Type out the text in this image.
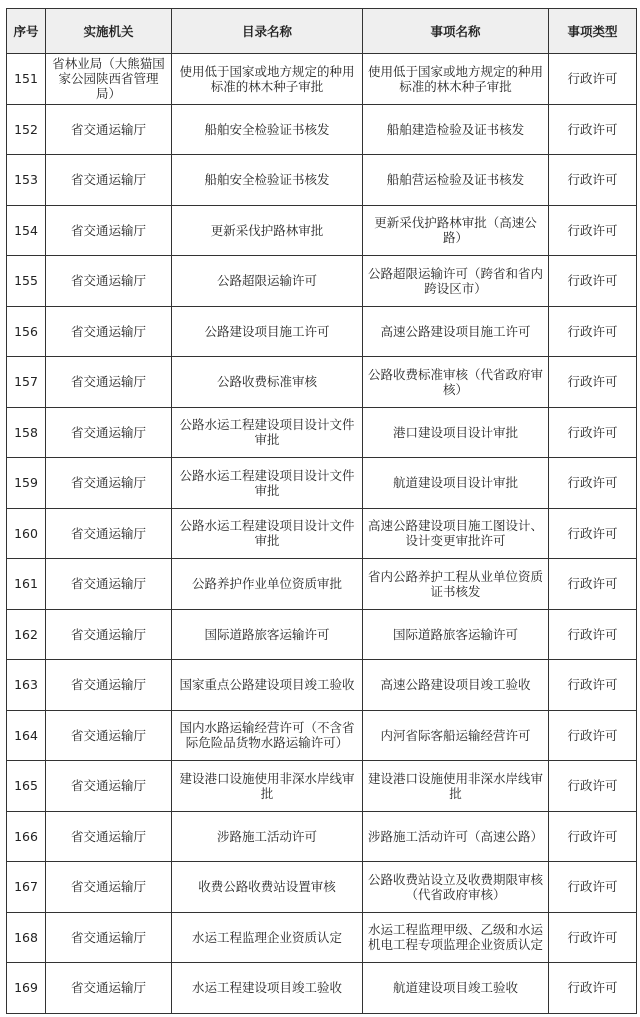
序号	实施机关	目录名称	事项名称	事项类型
151	省林业局（大熊猫国家公园陕西省管理局）	使用低于国家或地方规定的种用标准的林木种子审批	使用低于国家或地方规定的种用标准的林木种子审批	行政许可
152	省交通运输厅	船舶安全检验证书核发	船舶建造检验及证书核发	行政许可
153	省交通运输厅	船舶安全检验证书核发	船舶营运检验及证书核发	行政许可
154	省交通运输厅	更新采伐护路林审批	更新采伐护路林审批（高速公路）	行政许可
155	省交通运输厅	公路超限运输许可	公路超限运输许可（跨省和省内跨设区市）	行政许可
156	省交通运输厅	公路建设项目施工许可	高速公路建设项目施工许可	行政许可
157	省交通运输厅	公路收费标准审核	公路收费标准审核（代省政府审核）	行政许可
158	省交通运输厅	公路水运工程建设项目设计文件审批	港口建设项目设计审批	行政许可
159	省交通运输厅	公路水运工程建设项目设计文件审批	航道建设项目设计审批	行政许可
160	省交通运输厅	公路水运工程建设项目设计文件审批	高速公路建设项目施工图设计、设计变更审批许可	行政许可
161	省交通运输厅	公路养护作业单位资质审批	省内公路养护工程从业单位资质证书核发	行政许可
162	省交通运输厅	国际道路旅客运输许可	国际道路旅客运输许可	行政许可
163	省交通运输厅	国家重点公路建设项目竣工验收	高速公路建设项目竣工验收	行政许可
164	省交通运输厅	国内水路运输经营许可（不含省际危险品货物水路运输许可）	内河省际客船运输经营许可	行政许可
165	省交通运输厅	建设港口设施使用非深水岸线审批	建设港口设施使用非深水岸线审批	行政许可
166	省交通运输厅	涉路施工活动许可	涉路施工活动许可（高速公路）	行政许可
167	省交通运输厅	收费公路收费站设置审核	公路收费站设立及收费期限审核（代省政府审核）	行政许可
168	省交通运输厅	水运工程监理企业资质认定	水运工程监理甲级、乙级和水运机电工程专项监理企业资质认定	行政许可
169	省交通运输厅	水运工程建设项目竣工验收	航道建设项目竣工验收	行政许可
